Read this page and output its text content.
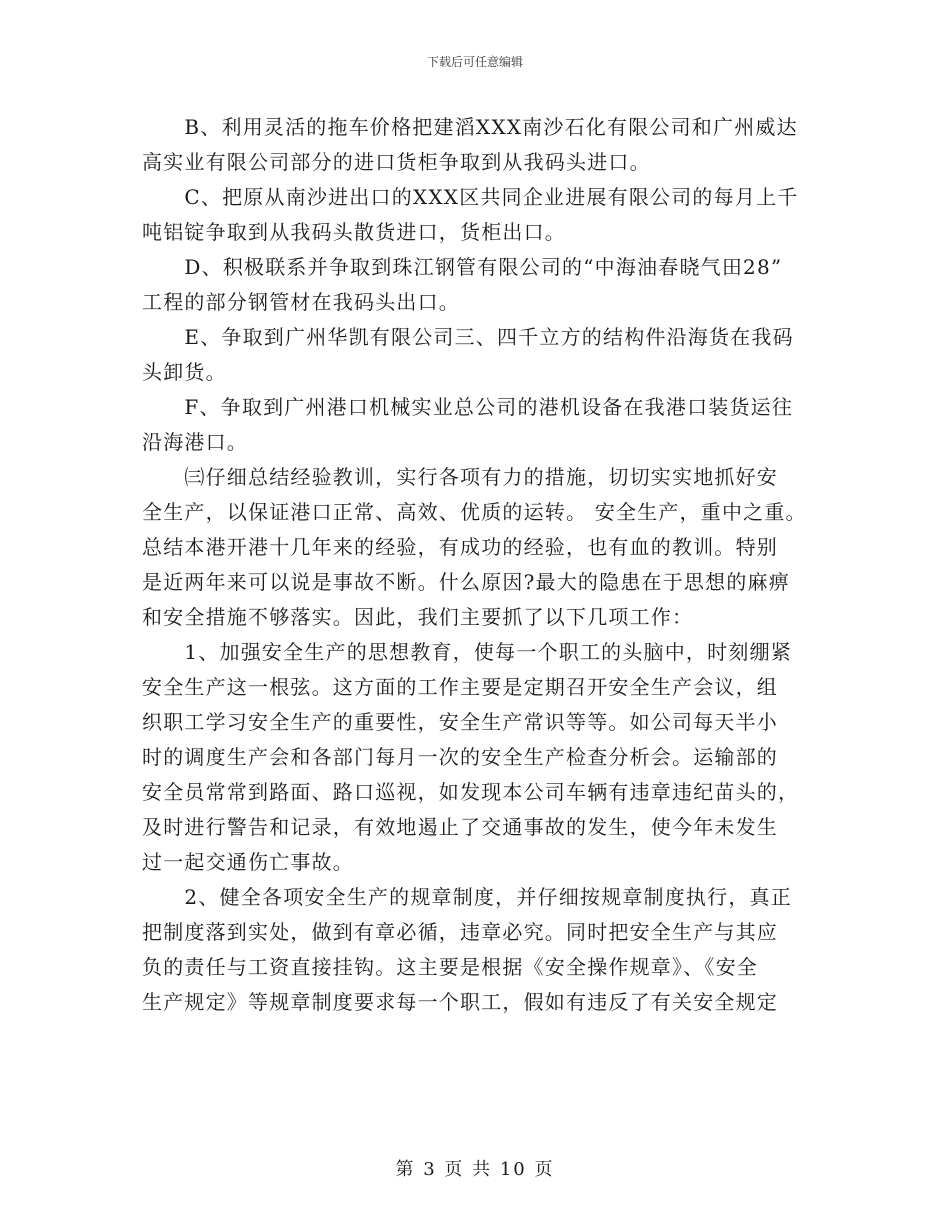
下载后可任意编辑

　　B、利用灵活的拖车价格把建滔XXX南沙石化有限公司和广州威达
高实业有限公司部分的进口货柜争取到从我码头进口。

　　C、把原从南沙进出口的XXX区共同企业进展有限公司的每月上千
吨铝锭争取到从我码头散货进口，货柜出口。

　　D、积极联系并争取到珠江钢管有限公司的“中海油春晓气田28”
工程的部分钢管材在我码头出口。

　　E、争取到广州华凯有限公司三、四千立方的结构件沿海货在我码
头卸货。

　　F、争取到广州港口机械实业总公司的港机设备在我港口装货运往
沿海港口。

　　㈢仔细总结经验教训，实行各项有力的措施，切切实实地抓好安
全生产，以保证港口正常、高效、优质的运转。 安全生产，重中之重。
总结本港开港十几年来的经验，有成功的经验，也有血的教训。特别
是近两年来可以说是事故不断。什么原因?最大的隐患在于思想的麻痹
和安全措施不够落实。因此，我们主要抓了以下几项工作：

　　1、加强安全生产的思想教育，使每一个职工的头脑中，时刻绷紧
安全生产这一根弦。这方面的工作主要是定期召开安全生产会议，组
织职工学习安全生产的重要性，安全生产常识等等。如公司每天半小
时的调度生产会和各部门每月一次的安全生产检查分析会。运输部的
安全员常常到路面、路口巡视，如发现本公司车辆有违章违纪苗头的，
及时进行警告和记录，有效地遏止了交通事故的发生，使今年未发生
过一起交通伤亡事故。

　　2、健全各项安全生产的规章制度，并仔细按规章制度执行，真正
把制度落到实处，做到有章必循，违章必究。同时把安全生产与其应
负的责任与工资直接挂钩。这主要是根据《安全操作规章》、《安全
生产规定》等规章制度要求每一个职工，假如有违反了有关安全规定

第 3 页 共 10 页
